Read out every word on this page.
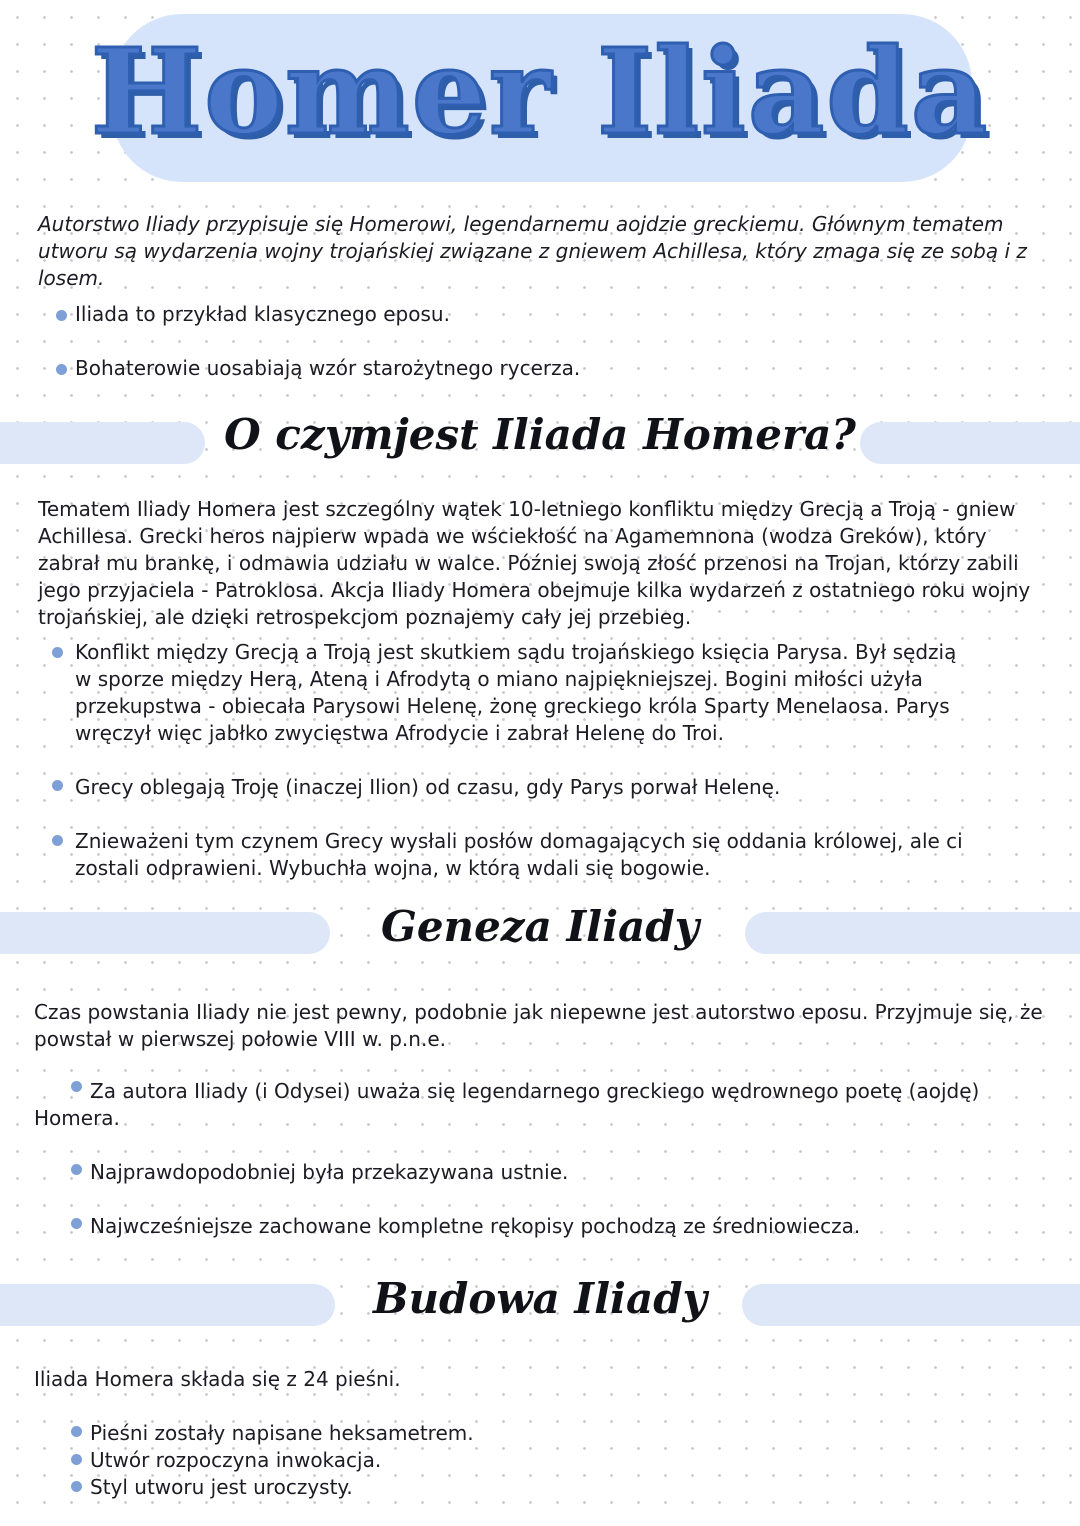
Homer Iliada

Autorstwo Iliady przypisuje się Homerowi, legendarnemu aojdzie greckiemu. Głównym tematem utworu są wydarzenia wojny trojańskiej związane z gniewem Achillesa, który zmaga się ze sobą i z losem.

Iliada to przykład klasycznego eposu.

Bohaterowie uosabiają wzór starożytnego rycerza.

O czymjest Iliada Homera?

Tematem Iliady Homera jest szczególny wątek 10-letniego konfliktu między Grecją a Troją - gniew Achillesa. Grecki heros najpierw wpada we wściekłość na Agamemnona (wodza Greków), który zabrał mu brankę, i odmawia udziału w walce. Później swoją złość przenosi na Trojan, którzy zabili jego przyjaciela - Patroklosa. Akcja Iliady Homera obejmuje kilka wydarzeń z ostatniego roku wojny trojańskiej, ale dzięki retrospekcjom poznajemy cały jej przebieg.

Konflikt między Grecją a Troją jest skutkiem sądu trojańskiego księcia Parysa. Był sędzią w sporze między Herą, Ateną i Afrodytą o miano najpiękniejszej. Bogini miłości użyła przekupstwa - obiecała Parysowi Helenę, żonę greckiego króla Sparty Menelaosa. Parys wręczył więc jabłko zwycięstwa Afrodycie i zabrał Helenę do Troi.

Grecy oblegają Troję (inaczej Ilion) od czasu, gdy Parys porwał Helenę.

Znieważeni tym czynem Grecy wysłali posłów domagających się oddania królowej, ale ci zostali odprawieni. Wybuchła wojna, w którą wdali się bogowie.

Geneza Iliady

Czas powstania Iliady nie jest pewny, podobnie jak niepewne jest autorstwo eposu. Przyjmuje się, że powstał w pierwszej połowie VIII w. p.n.e.

Za autora Iliady (i Odysei) uważa się legendarnego greckiego wędrownego poetę (aojdę) Homera.

Najprawdopodobniej była przekazywana ustnie.

Najwcześniejsze zachowane kompletne rękopisy pochodzą ze średniowiecza.

Budowa Iliady

Iliada Homera składa się z 24 pieśni.

Pieśni zostały napisane heksametrem.

Utwór rozpoczyna inwokacja.

Styl utworu jest uroczysty.
